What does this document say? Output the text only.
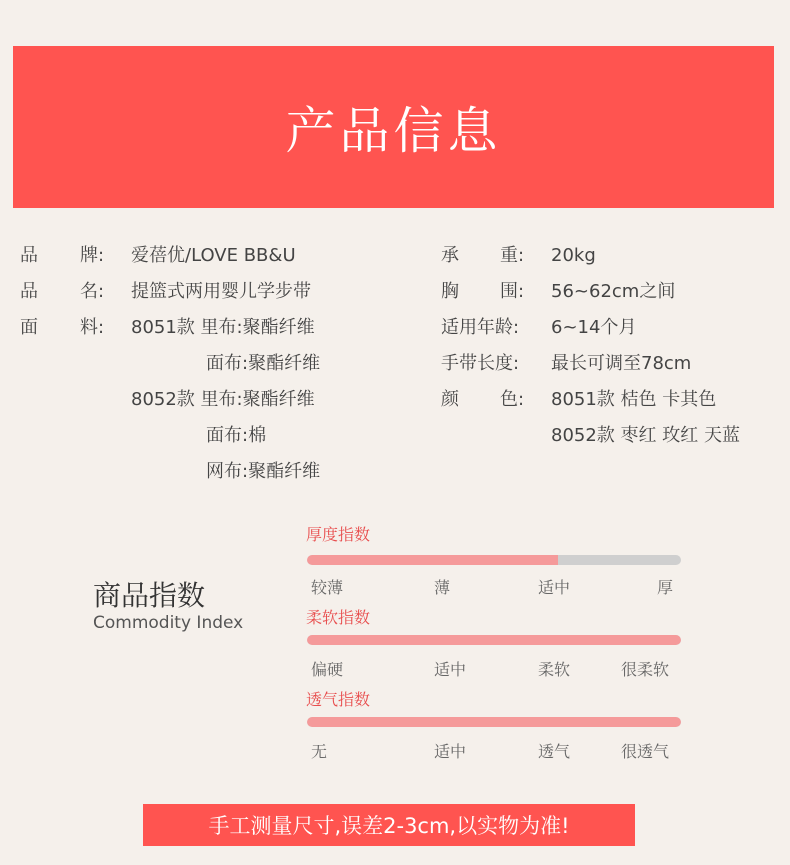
产品信息
品 牌: 爱蓓优/LOVE BB&U
品 名: 提篮式两用婴儿学步带
面 料: 8051款 里布:聚酯纤维
面布:聚酯纤维
8052款 里布:聚酯纤维
面布:棉
网布:聚酯纤维
承 重: 20kg
胸 围: 56~62cm之间
适用年龄: 6~14个月
手带长度: 最长可调至78cm
颜 色: 8051款 桔色 卡其色
8052款 枣红 玫红 天蓝
商品指数
Commodity Index
厚度指数
较薄	薄	适中	厚
柔软指数
偏硬	适中	柔软	很柔软
透气指数
无	适中	透气	很透气
手工测量尺寸,误差2-3cm,以实物为准!
